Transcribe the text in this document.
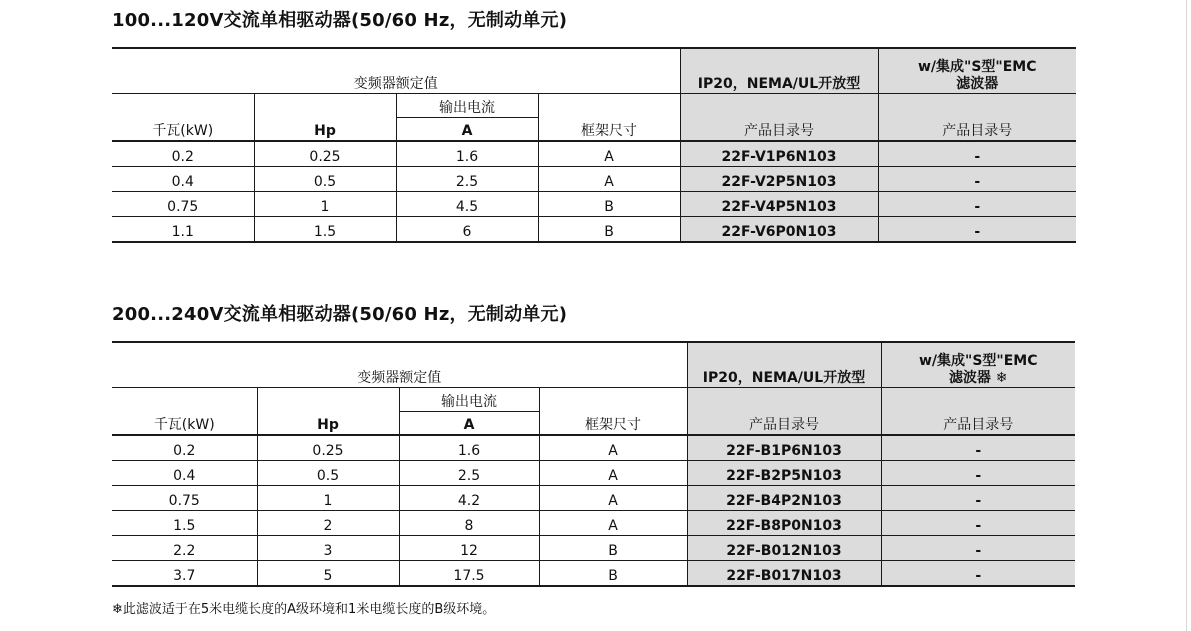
100...120V交流单相驱动器(50/60 Hz，无制动单元)
变频器额定值				IP20，NEMA/UL开放型	w/集成"S型"EMC
滤波器

千瓦(kW)	Hp	输出电流	框架尺寸	产品目录号	产品目录号
		A			
0.2	0.25	1.6	A	22F-V1P6N103	-
0.4	0.5	2.5	A	22F-V2P5N103	-
0.75	1	4.5	B	22F-V4P5N103	-
1.1	1.5	6	B	22F-V6P0N103	-
200...240V交流单相驱动器(50/60 Hz，无制动单元)
变频器额定值				IP20，NEMA/UL开放型	w/集成"S型"EMC
滤波器 ❄

千瓦(kW)	Hp	输出电流	框架尺寸	产品目录号	产品目录号
		A			
0.2	0.25	1.6	A	22F-B1P6N103	-
0.4	0.5	2.5	A	22F-B2P5N103	-
0.75	1	4.2	A	22F-B4P2N103	-
1.5	2	8	A	22F-B8P0N103	-
2.2	3	12	B	22F-B012N103	-
3.7	5	17.5	B	22F-B017N103	-
❄此滤波适于在5米电缆长度的A级环境和1米电缆长度的B级环境。
